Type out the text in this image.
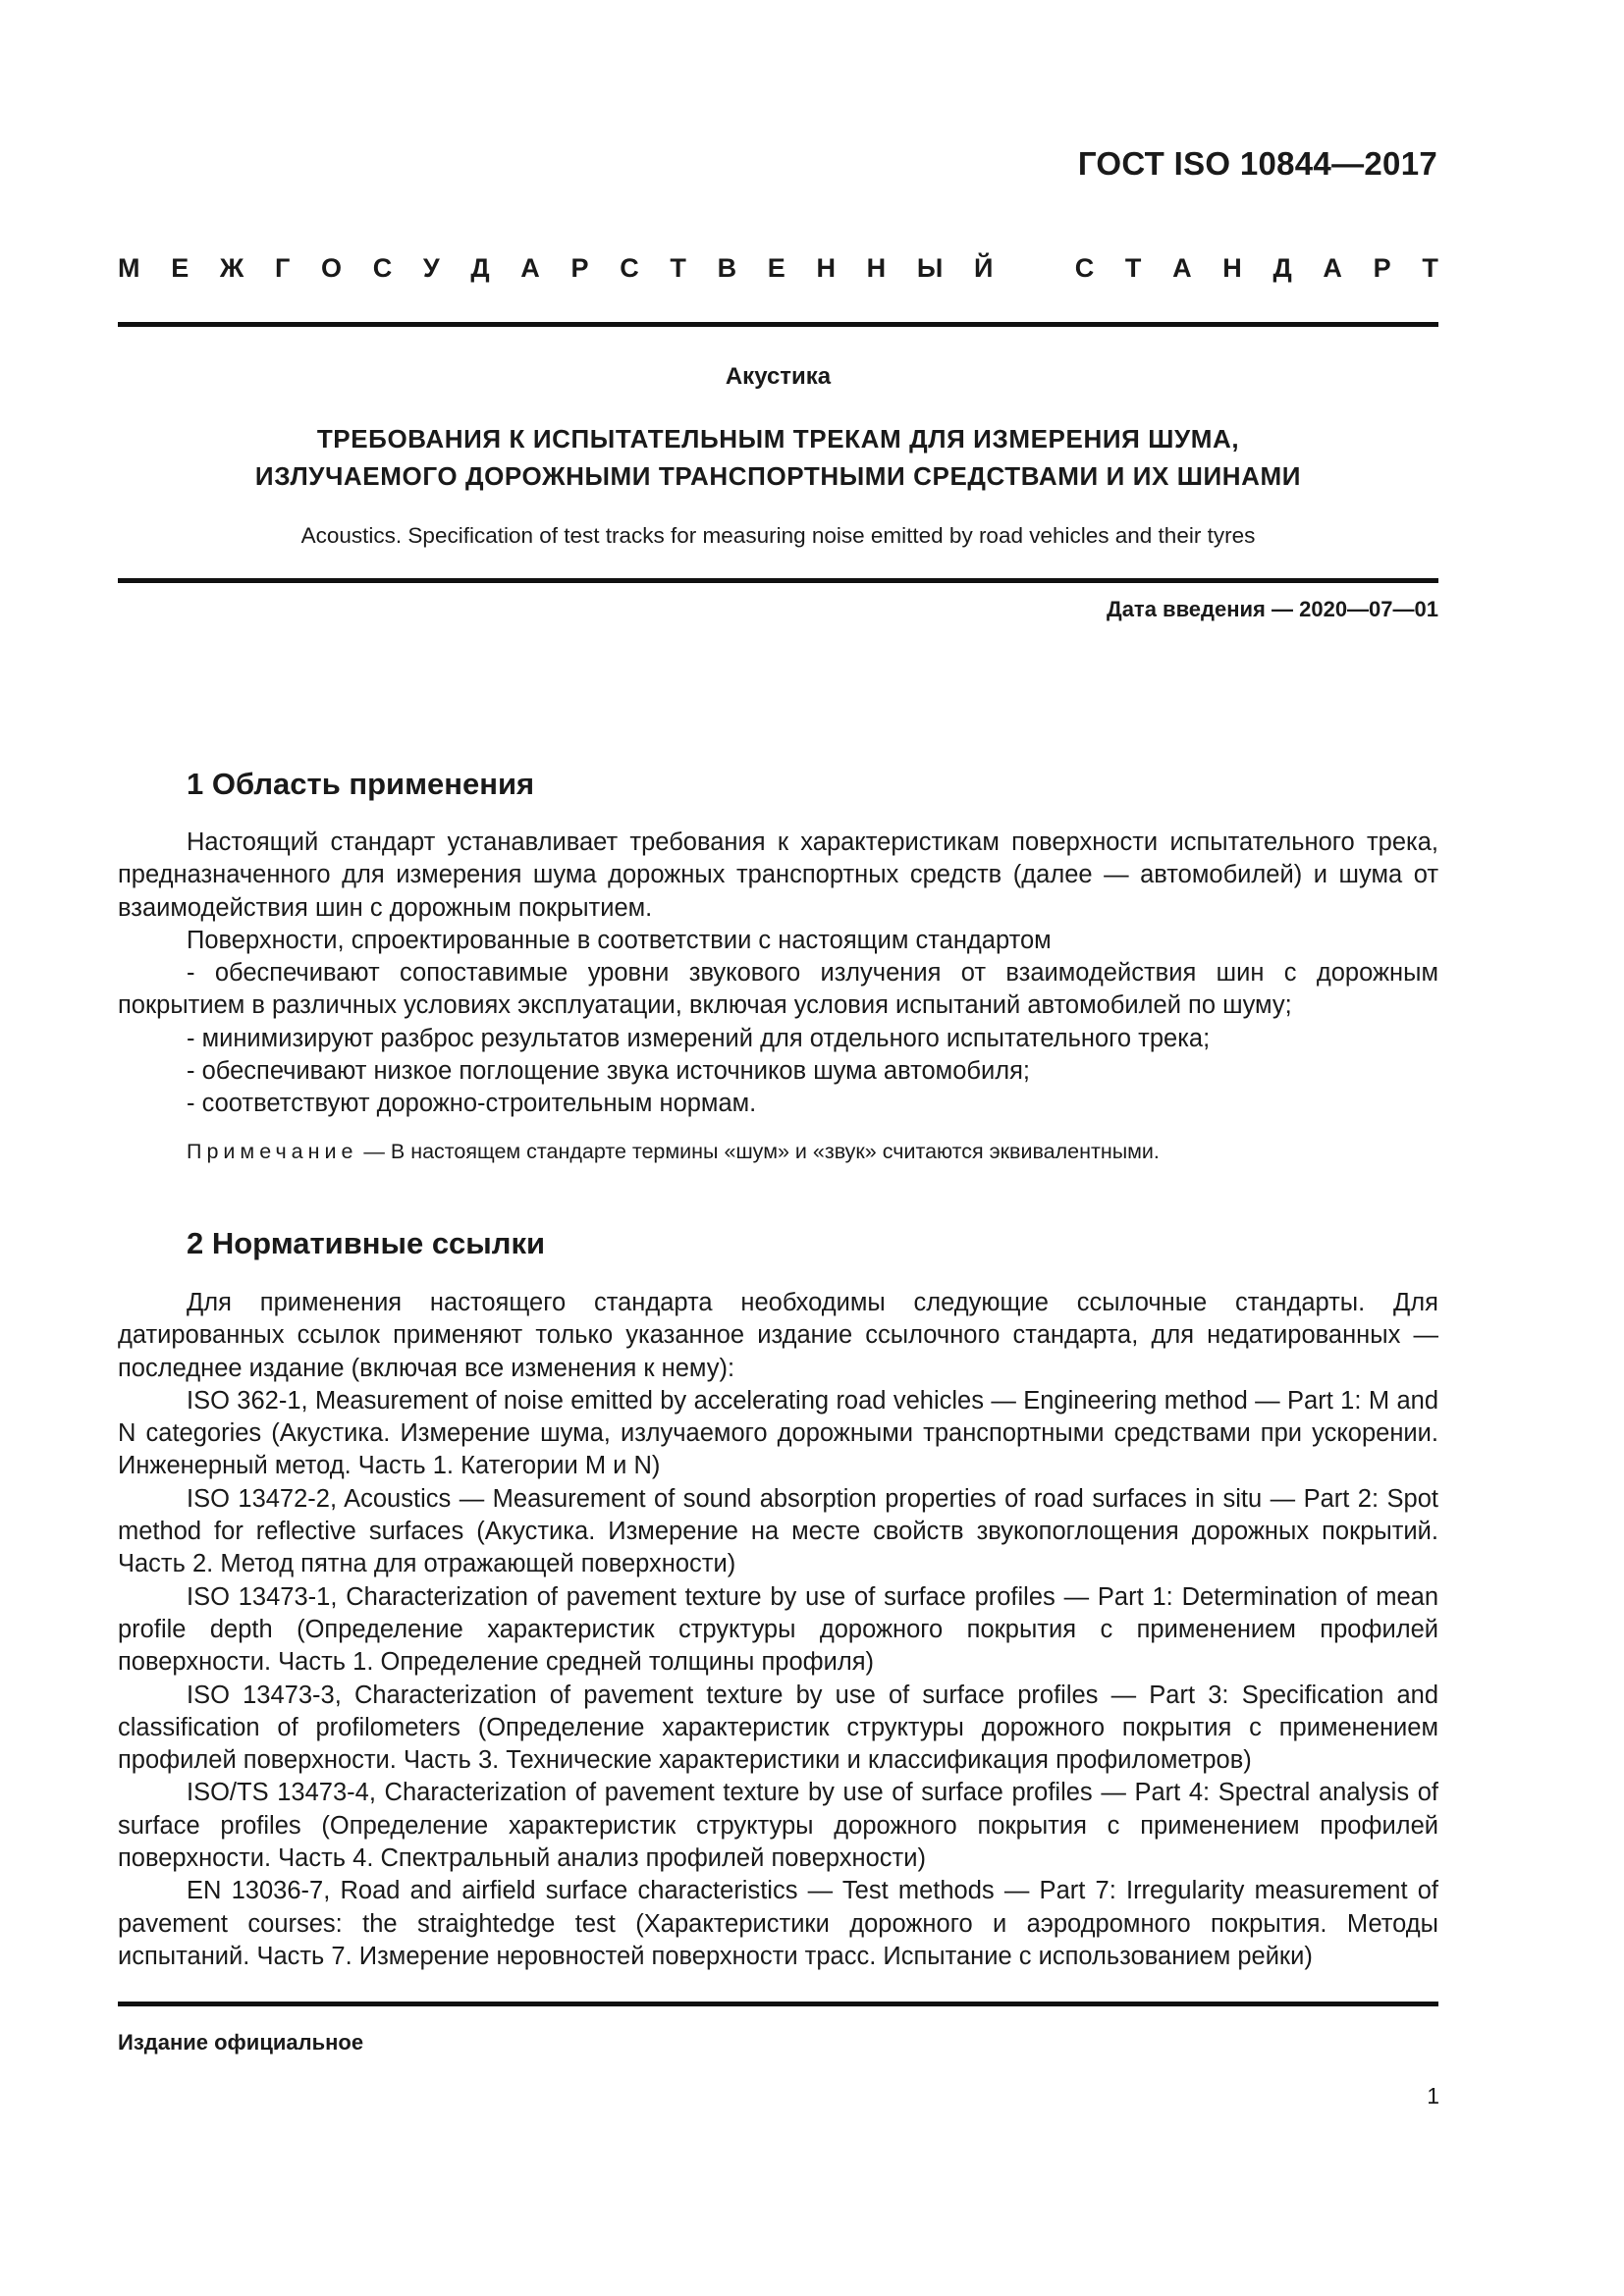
ГОСТ ISO 10844—2017
М Е Ж Г О С У Д А Р С Т В Е Н Н Ы Й	С Т А Н Д А Р Т
Акустика
ТРЕБОВАНИЯ К ИСПЫТАТЕЛЬНЫМ ТРЕКАМ ДЛЯ ИЗМЕРЕНИЯ ШУМА,
ИЗЛУЧАЕМОГО ДОРОЖНЫМИ ТРАНСПОРТНЫМИ СРЕДСТВАМИ И ИХ ШИНАМИ
Acoustics. Specification of test tracks for measuring noise emitted by road vehicles and their tyres
Дата введения — 2020—07—01
1 Область применения

Настоящий стандарт устанавливает требования к характеристикам поверхности испытательного трека, предназначенного для измерения шума дорожных транспортных средств (далее — автомобилей) и шума от взаимодействия шин с дорожным покрытием.

Поверхности, спроектированные в соответствии с настоящим стандартом

- обеспечивают сопоставимые уровни звукового излучения от взаимодействия шин с дорожным покрытием в различных условиях эксплуатации, включая условия испытаний автомобилей по шуму;

- минимизируют разброс результатов измерений для отдельного испытательного трека;

- обеспечивают низкое поглощение звука источников шума автомобиля;

- соответствуют дорожно-строительным нормам.

Примечание — В настоящем стандарте термины «шум» и «звук» считаются эквивалентными.
2 Нормативные ссылки

Для применения настоящего стандарта необходимы следующие ссылочные стандарты. Для датированных ссылок применяют только указанное издание ссылочного стандарта, для недатированных — последнее издание (включая все изменения к нему):

ISO 362-1, Measurement of noise emitted by accelerating road vehicles — Engineering method — Part 1: M and N categories (Акустика. Измерение шума, излучаемого дорожными транспортными средствами при ускорении. Инженерный метод. Часть 1. Категории M и N)

ISO 13472-2, Acoustics — Measurement of sound absorption properties of road surfaces in situ — Part 2: Spot method for reflective surfaces (Акустика. Измерение на месте свойств звукопоглощения дорожных покрытий. Часть 2. Метод пятна для отражающей поверхности)

ISO 13473-1, Characterization of pavement texture by use of surface profiles — Part 1: Determination of mean profile depth (Определение характеристик структуры дорожного покрытия с применением профилей поверхности. Часть 1. Определение средней толщины профиля)

ISO 13473-3, Characterization of pavement texture by use of surface profiles — Part 3: Specification and classification of profilometers (Определение характеристик структуры дорожного покрытия с применением профилей поверхности. Часть 3. Технические характеристики и классификация профилометров)

ISO/TS 13473-4, Characterization of pavement texture by use of surface profiles — Part 4: Spectral analysis of surface profiles (Определение характеристик структуры дорожного покрытия с применением профилей поверхности. Часть 4. Спектральный анализ профилей поверхности)

EN 13036-7, Road and airfield surface characteristics — Test methods — Part 7: Irregularity measurement of pavement courses: the straightedge test (Характеристики дорожного и аэродромного покрытия. Методы испытаний. Часть 7. Измерение неровностей поверхности трасс. Испытание с использованием рейки)

Издание официальное
1
